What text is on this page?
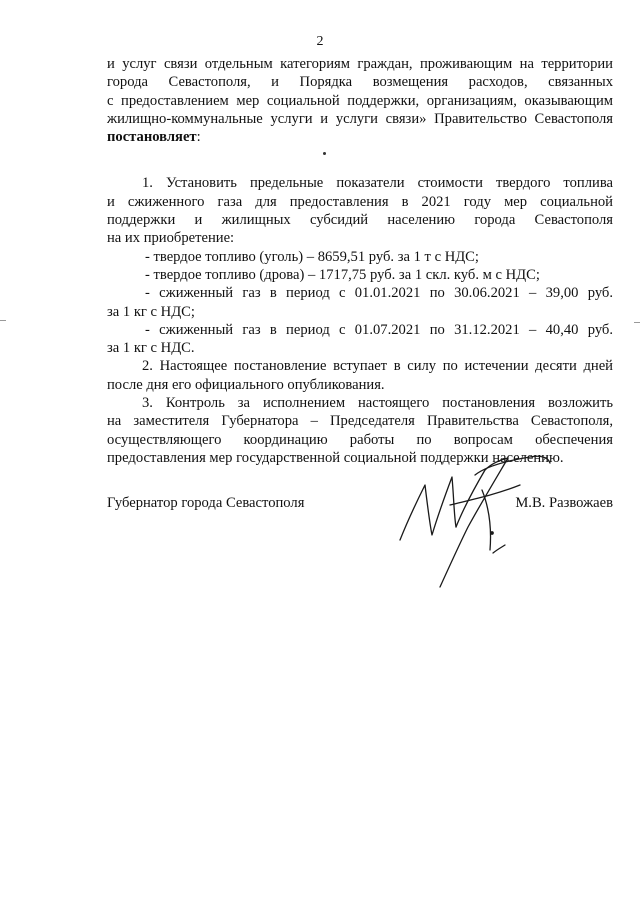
2
и услуг связи отдельным категориям граждан, проживающим на территории
города Севастополя, и Порядка возмещения расходов, связанных
с предоставлением мер социальной поддержки, организациям, оказывающим
жилищно-коммунальные услуги и услуги связи» Правительство Севастополя
постановляет:
1. Установить предельные показатели стоимости твердого топлива
и сжиженного газа для предоставления в 2021 году мер социальной
поддержки и жилищных субсидий населению города Севастополя
на их приобретение:
- твердое топливо (уголь) – 8659,51 руб. за 1 т с НДС;
- твердое топливо (дрова) – 1717,75 руб. за 1 скл. куб. м с НДС;
- сжиженный газ в период с 01.01.2021 по 30.06.2021 – 39,00 руб.
за 1 кг с НДС;
- сжиженный газ в период с 01.07.2021 по 31.12.2021 – 40,40 руб.
за 1 кг с НДС.
2. Настоящее постановление вступает в силу по истечении десяти дней
после дня его официального опубликования.
3. Контроль за исполнением настоящего постановления возложить
на заместителя Губернатора – Председателя Правительства Севастополя,
осуществляющего координацию работы по вопросам обеспечения
предоставления мер государственной социальной поддержки населению.
Губернатор города Севастополя	М.В. Развожаев
